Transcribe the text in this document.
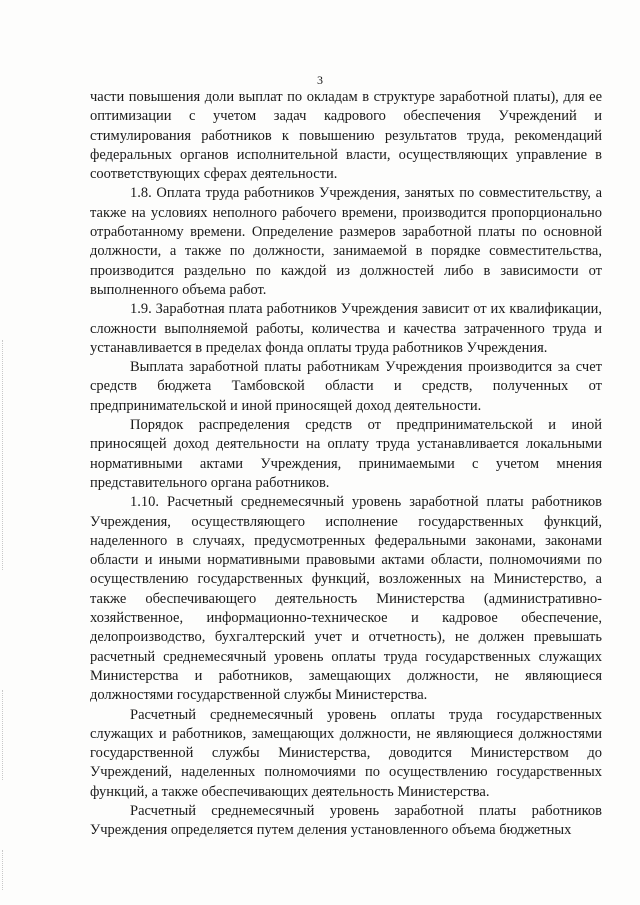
3

части повышения доли выплат по окладам в структуре заработной платы), для ее оптимизации с учетом задач кадрового обеспечения Учреждений и стимулирования работников к повышению результатов труда, рекомендаций федеральных органов исполнительной власти, осуществляющих управление в соответствующих сферах деятельности.

1.8. Оплата труда работников Учреждения, занятых по совместительству, а также на условиях неполного рабочего времени, производится пропорционально отработанному времени. Определение размеров заработной платы по основной должности, а также по должности, занимаемой в порядке совместительства, производится раздельно по каждой из должностей либо в зависимости от выполненного объема работ.

1.9. Заработная плата работников Учреждения зависит от их квалификации, сложности выполняемой работы, количества и качества затраченного труда и устанавливается в пределах фонда оплаты труда работников Учреждения.

Выплата заработной платы работникам Учреждения производится за счет средств бюджета Тамбовской области и средств, полученных от предпринимательской и иной приносящей доход деятельности.

Порядок распределения средств от предпринимательской и иной приносящей доход деятельности на оплату труда устанавливается локальными нормативными актами Учреждения, принимаемыми с учетом мнения представительного органа работников.

1.10. Расчетный среднемесячный уровень заработной платы работников Учреждения, осуществляющего исполнение государственных функций, наделенного в случаях, предусмотренных федеральными законами, законами области и иными нормативными правовыми актами области, полномочиями по осуществлению государственных функций, возложенных на Министерство, а также обеспечивающего деятельность Министерства (административно-хозяйственное, информационно-техническое и кадровое обеспечение, делопроизводство, бухгалтерский учет и отчетность), не должен превышать расчетный среднемесячный уровень оплаты труда государственных служащих Министерства и работников, замещающих должности, не являющиеся должностями государственной службы Министерства.

Расчетный среднемесячный уровень оплаты труда государственных служащих и работников, замещающих должности, не являющиеся должностями государственной службы Министерства, доводится Министерством до Учреждений, наделенных полномочиями по осуществлению государственных функций, а также обеспечивающих деятельность Министерства.

Расчетный среднемесячный уровень заработной платы работников Учреждения определяется путем деления установленного объема бюджетных
